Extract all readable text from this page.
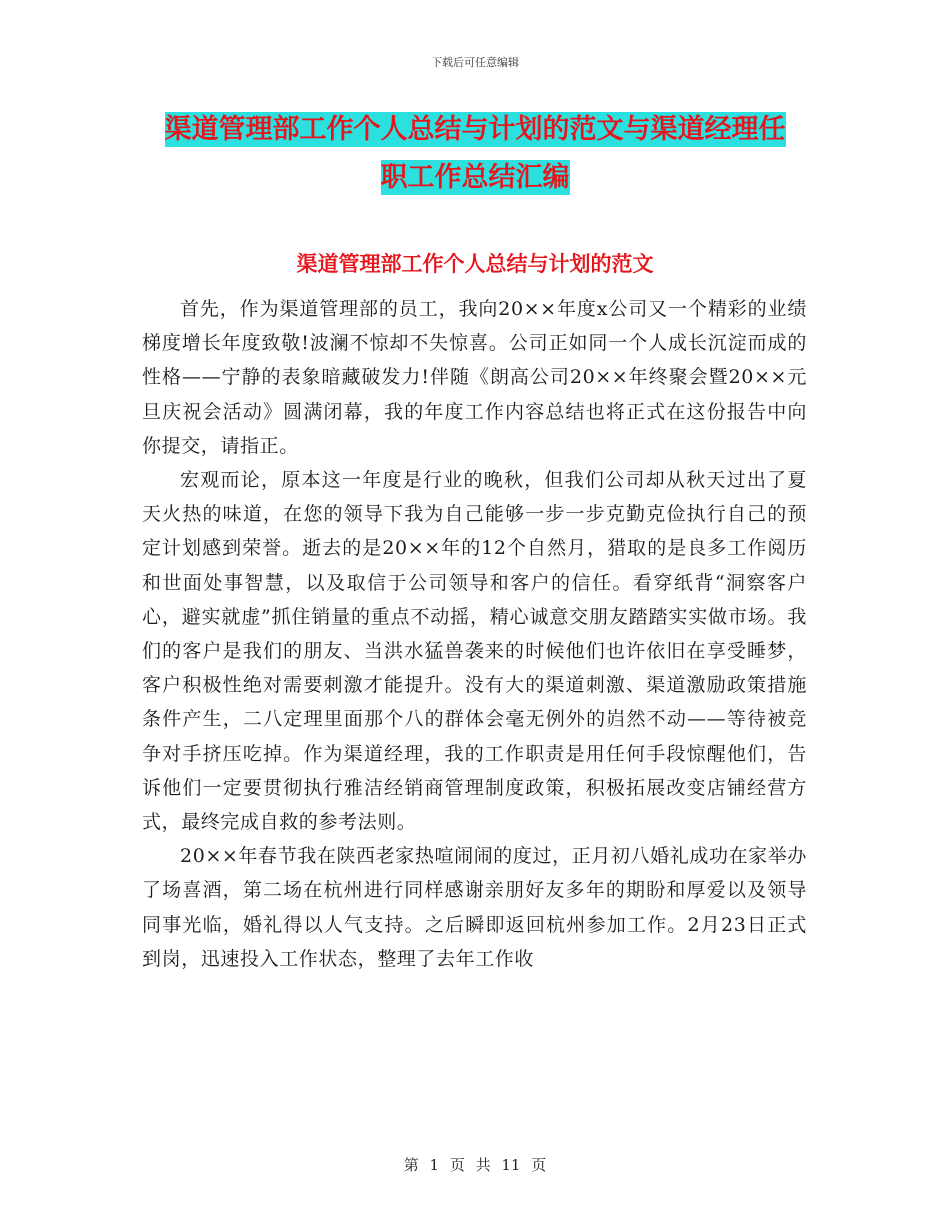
下载后可任意编辑
渠道管理部工作个人总结与计划的范文与渠道经理任
职工作总结汇编
渠道管理部工作个人总结与计划的范文

首先，作为渠道管理部的员工，我向20××年度x公司又一个精彩的业绩梯度增长年度致敬!波澜不惊却不失惊喜。公司正如同一个人成长沉淀而成的性格——宁静的表象暗藏破发力!伴随《朗高公司20××年终聚会暨20××元旦庆祝会活动》圆满闭幕，我的年度工作内容总结也将正式在这份报告中向你提交，请指正。

宏观而论，原本这一年度是行业的晚秋，但我们公司却从秋天过出了夏天火热的味道，在您的领导下我为自己能够一步一步克勤克俭执行自己的预定计划感到荣誉。逝去的是20××年的12个自然月，猎取的是良多工作阅历和世面处事智慧，以及取信于公司领导和客户的信任。看穿纸背“洞察客户心，避实就虚”抓住销量的重点不动摇，精心诚意交朋友踏踏实实做市场。我们的客户是我们的朋友、当洪水猛兽袭来的时候他们也许依旧在享受睡梦，客户积极性绝对需要刺激才能提升。没有大的渠道刺激、渠道激励政策措施条件产生，二八定理里面那个八的群体会毫无例外的岿然不动——等待被竞争对手挤压吃掉。作为渠道经理，我的工作职责是用任何手段惊醒他们，告诉他们一定要贯彻执行雅洁经销商管理制度政策，积极拓展改变店铺经营方式，最终完成自救的参考法则。

20××年春节我在陕西老家热喧闹闹的度过，正月初八婚礼成功在家举办了场喜酒，第二场在杭州进行同样感谢亲朋好友多年的期盼和厚爱以及领导同事光临，婚礼得以人气支持。之后瞬即返回杭州参加工作。2月23日正式到岗，迅速投入工作状态，整理了去年工作收

第 1 页 共 11 页
